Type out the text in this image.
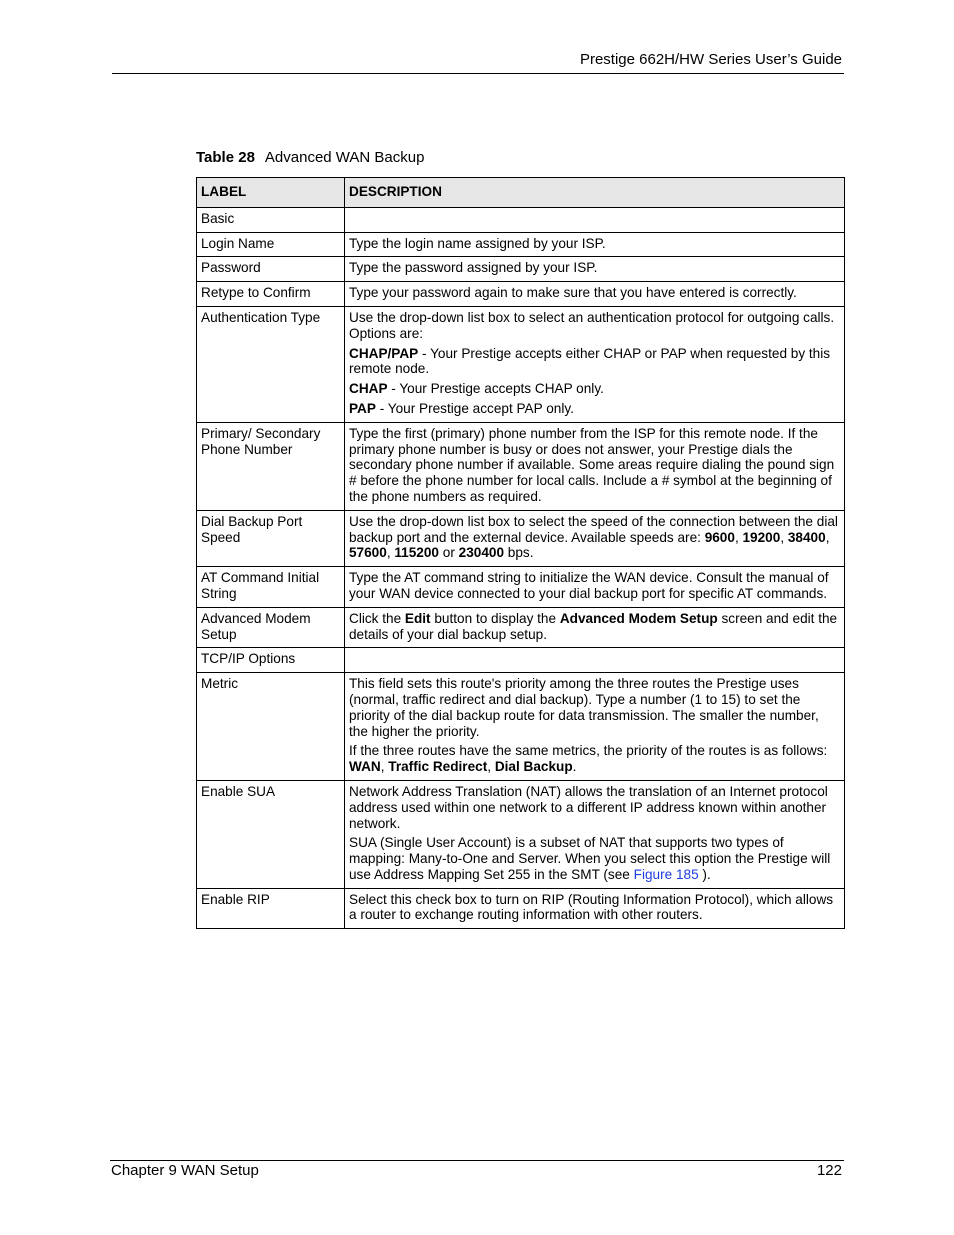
Prestige 662H/HW Series User’s Guide
Table 28 Advanced WAN Backup
LABEL	DESCRIPTION
Basic	
Login Name	Type the login name assigned by your ISP.

Password	Type the password assigned by your ISP.

Retype to Confirm	Type your password again to make sure that you have entered is correctly.

Authentication Type	Use the drop-down list box to select an authentication protocol for outgoing calls. Options are:

CHAP/PAP - Your Prestige accepts either CHAP or PAP when requested by this remote node.

CHAP - Your Prestige accepts CHAP only.

PAP - Your Prestige accept PAP only.

Primary/ Secondary Phone Number	Type the first (primary) phone number from the ISP for this remote node. If the primary phone number is busy or does not answer, your Prestige dials the secondary phone number if available. Some areas require dialing the pound sign # before the phone number for local calls. Include a # symbol at the beginning of the phone numbers as required.

Dial Backup Port Speed	Use the drop-down list box to select the speed of the connection between the dial backup port and the external device. Available speeds are: 9600, 19200, 38400, 57600, 115200 or 230400 bps.

AT Command Initial String	Type the AT command string to initialize the WAN device. Consult the manual of your WAN device connected to your dial backup port for specific AT commands.

Advanced Modem Setup	Click the Edit button to display the Advanced Modem Setup screen and edit the details of your dial backup setup.

TCP/IP Options	
Metric	This field sets this route's priority among the three routes the Prestige uses (normal, traffic redirect and dial backup). Type a number (1 to 15) to set the priority of the dial backup route for data transmission. The smaller the number, the higher the priority.

If the three routes have the same metrics, the priority of the routes is as follows: WAN, Traffic Redirect, Dial Backup.

Enable SUA	Network Address Translation (NAT) allows the translation of an Internet protocol address used within one network to a different IP address known within another network.

SUA (Single User Account) is a subset of NAT that supports two types of mapping: Many-to-One and Server. When you select this option the Prestige will use Address Mapping Set 255 in the SMT (see Figure 185 ).

Enable RIP	Select this check box to turn on RIP (Routing Information Protocol), which allows a router to exchange routing information with other routers.

Chapter 9 WAN Setup	122
